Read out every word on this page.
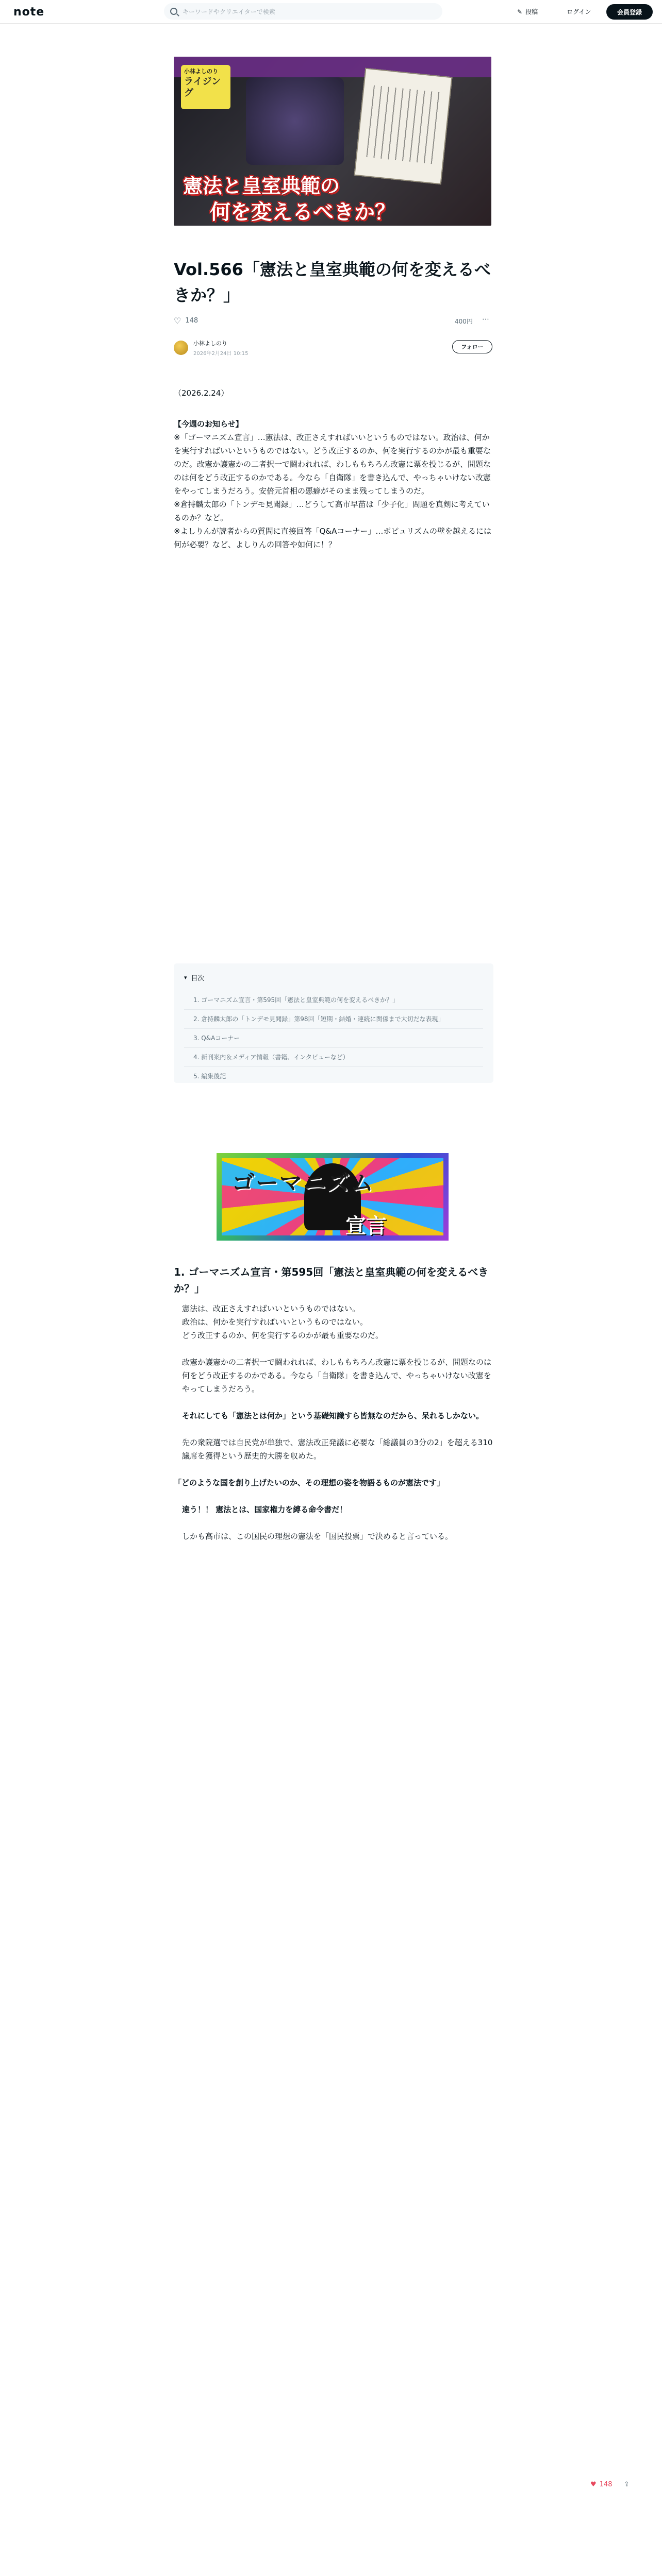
note	キーワードやクリエイターで検索	✎ 投稿	ログイン	会員登録
小林よしのり
ライジング
憲法と皇室典範の
何を変えるべきか？
Vol.566「憲法と皇室典範の何を変えるべきか？」
♡ 148	400円 ⋯
小林よしのり
2026年2月24日 10:15
フォロー
（2026.2.24）

【今週のお知らせ】

※「ゴーマニズム宣言」…憲法は、改正さえすればいいというものではない。政治は、何かを実行すればいいというものではない。どう改正するのか、何を実行するのかが最も重要なのだ。改憲か護憲かの二者択一で闘われれば、わしももちろん改憲に票を投じるが、問題なのは何をどう改正するのかである。今なら「自衛隊」を書き込んで、やっちゃいけない改憲をやってしまうだろう。安倍元首相の悪癖がそのまま残ってしまうのだ。

※倉持麟太郎の「トンデモ見聞録」…どうして高市早苗は「少子化」問題を真剣に考えているのか？など。

※よしりんが読者からの質問に直接回答「Q&Aコーナー」…ポピュリズムの壁を越えるには何が必要？など、よしりんの回答や如何に！？

▾ 目次
1. ゴーマニズム宣言・第595回「憲法と皇室典範の何を変えるべきか？」
2. 倉持麟太郎の「トンデモ見聞録」第98回「短期・結婚・連続に関係まで大切だな表現」
3. Q&Aコーナー
4. 新刊案内＆メディア情報（書籍、インタビューなど）
5. 編集後記
ゴーマニズム
宣言
1. ゴーマニズム宣言・第595回「憲法と皇室典範の何を変えるべきか？」

憲法は、改正さえすればいいというものではない。
政治は、何かを実行すればいいというものではない。
どう改正するのか、何を実行するのかが最も重要なのだ。

改憲か護憲かの二者択一で闘われれば、わしももちろん改憲に票を投じるが、問題なのは何をどう改正するのかである。今なら「自衛隊」を書き込んで、やっちゃいけない改憲をやってしまうだろう。

それにしても「憲法とは何か」という基礎知識すら皆無なのだから、呆れるしかない。

先の衆院選では自民党が単独で、憲法改正発議に必要な「総議員の3分の2」を超える310議席を獲得という歴史的大勝を収めた。

「どのような国を創り上げたいのか、その理想の姿を物語るものが憲法です」

違う！！ 憲法とは、国家権力を縛る命令書だ！

しかも高市は、この国民の理想の憲法を「国民投票」で決めると言っている。

♥ 148 ⇪
